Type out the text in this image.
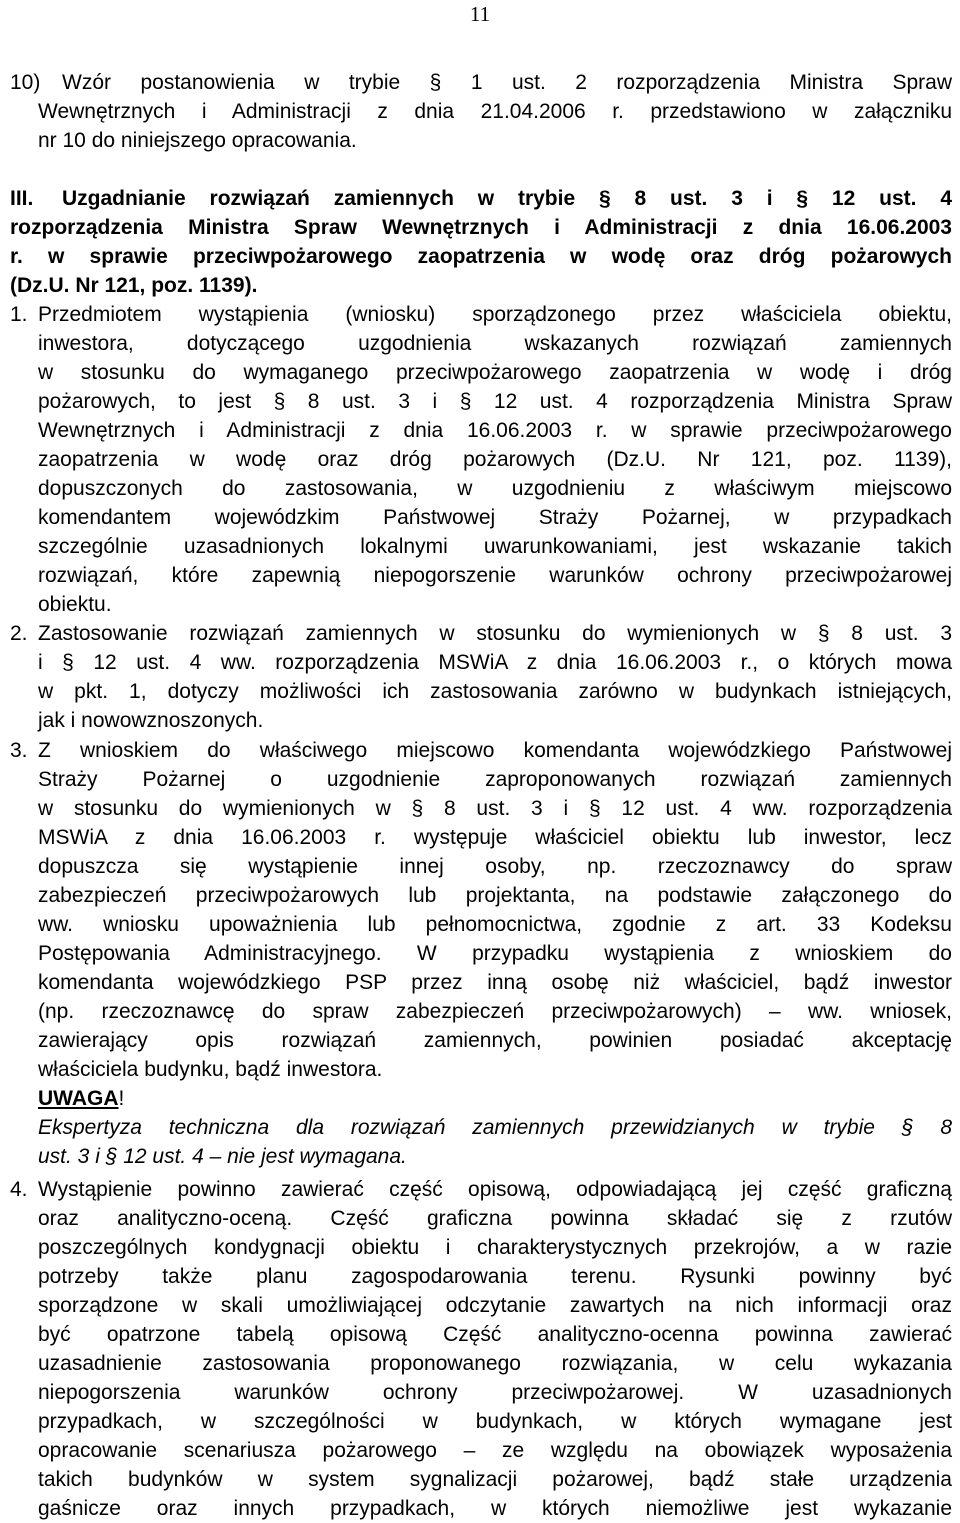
11
10) Wzór postanowienia w trybie § 1 ust. 2 rozporządzenia Ministra Spraw
Wewnętrznych i Administracji z dnia 21.04.2006 r. przedstawiono w załączniku
nr 10 do niniejszego opracowania.
III. Uzgadnianie rozwiązań zamiennych w trybie § 8 ust. 3 i § 12 ust. 4
rozporządzenia Ministra Spraw Wewnętrznych i Administracji z dnia 16.06.2003
r. w sprawie przeciwpożarowego zaopatrzenia w wodę oraz dróg pożarowych
(Dz.U. Nr 121, poz. 1139).
1. Przedmiotem wystąpienia (wniosku) sporządzonego przez właściciela obiektu,
inwestora, dotyczącego uzgodnienia wskazanych rozwiązań zamiennych
w stosunku do wymaganego przeciwpożarowego zaopatrzenia w wodę i dróg
pożarowych, to jest § 8 ust. 3 i § 12 ust. 4 rozporządzenia Ministra Spraw
Wewnętrznych i Administracji z dnia 16.06.2003 r. w sprawie przeciwpożarowego
zaopatrzenia w wodę oraz dróg pożarowych (Dz.U. Nr 121, poz. 1139),
dopuszczonych do zastosowania, w uzgodnieniu z właściwym miejscowo
komendantem wojewódzkim Państwowej Straży Pożarnej, w przypadkach
szczególnie uzasadnionych lokalnymi uwarunkowaniami, jest wskazanie takich
rozwiązań, które zapewnią niepogorszenie warunków ochrony przeciwpożarowej
obiektu.
2. Zastosowanie rozwiązań zamiennych w stosunku do wymienionych w § 8 ust. 3
i § 12 ust. 4 ww. rozporządzenia MSWiA z dnia 16.06.2003 r., o których mowa
w pkt. 1, dotyczy możliwości ich zastosowania zarówno w budynkach istniejących,
jak i nowowznoszonych.
3. Z wnioskiem do właściwego miejscowo komendanta wojewódzkiego Państwowej
Straży Pożarnej o uzgodnienie zaproponowanych rozwiązań zamiennych
w stosunku do wymienionych w § 8 ust. 3 i § 12 ust. 4 ww. rozporządzenia
MSWiA z dnia 16.06.2003 r. występuje właściciel obiektu lub inwestor, lecz
dopuszcza się wystąpienie innej osoby, np. rzeczoznawcy do spraw
zabezpieczeń przeciwpożarowych lub projektanta, na podstawie załączonego do
ww. wniosku upoważnienia lub pełnomocnictwa, zgodnie z art. 33 Kodeksu
Postępowania Administracyjnego. W przypadku wystąpienia z wnioskiem do
komendanta wojewódzkiego PSP przez inną osobę niż właściciel, bądź inwestor
(np. rzeczoznawcę do spraw zabezpieczeń przeciwpożarowych) – ww. wniosek,
zawierający opis rozwiązań zamiennych, powinien posiadać akceptację
właściciela budynku, bądź inwestora.
UWAGA!
Ekspertyza techniczna dla rozwiązań zamiennych przewidzianych w trybie § 8
ust. 3 i § 12 ust. 4 – nie jest wymagana.
4. Wystąpienie powinno zawierać część opisową, odpowiadającą jej część graficzną
oraz analityczno-oceną. Część graficzna powinna składać się z rzutów
poszczególnych kondygnacji obiektu i charakterystycznych przekrojów, a w razie
potrzeby także planu zagospodarowania terenu. Rysunki powinny być
sporządzone w skali umożliwiającej odczytanie zawartych na nich informacji oraz
być opatrzone tabelą opisową Część analityczno-ocenna powinna zawierać
uzasadnienie zastosowania proponowanego rozwiązania, w celu wykazania
niepogorszenia warunków ochrony przeciwpożarowej. W uzasadnionych
przypadkach, w szczególności w budynkach, w których wymagane jest
opracowanie scenariusza pożarowego – ze względu na obowiązek wyposażenia
takich budynków w system sygnalizacji pożarowej, bądź stałe urządzenia
gaśnicze oraz innych przypadkach, w których niemożliwe jest wykazanie
